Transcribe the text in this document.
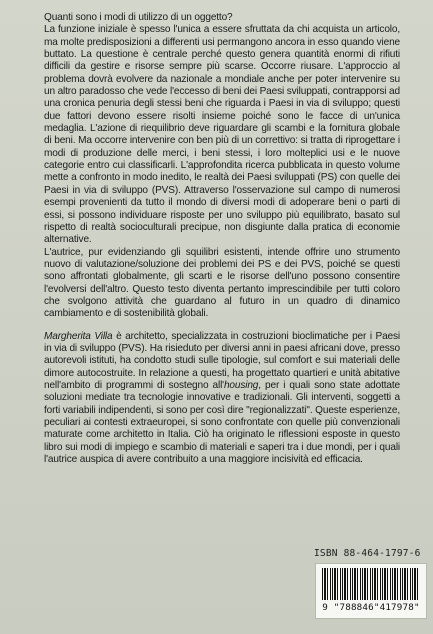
Quanti sono i modi di utilizzo di un oggetto?

La funzione iniziale è spesso l'unica a essere sfruttata da chi acquista un articolo, ma molte predisposizioni a differenti usi permangono ancora in esso quando viene buttato. La questione è centrale perché questo genera quantità enormi di rifiuti difficili da gestire e risorse sempre più scarse. Occorre riusare. L'approccio al problema dovrà evolvere da nazionale a mondiale anche per poter intervenire su un altro paradosso che vede l'eccesso di beni dei Paesi sviluppati, contrapporsi ad una cronica penuria degli stessi beni che riguarda i Paesi in via di sviluppo; questi due fattori devono essere risolti insieme poiché sono le facce di un'unica medaglia. L'azione di riequilibrio deve riguardare gli scambi e la fornitura globale di beni. Ma occorre intervenire con ben più di un correttivo: si tratta di riprogettare i modi di produzione delle merci, i beni stessi, i loro molteplici usi e le nuove categorie entro cui classificarli. L'approfondita ricerca pubblicata in questo volume mette a confronto in modo inedito, le realtà dei Paesi sviluppati (PS) con quelle dei Paesi in via di sviluppo (PVS). Attraverso l'osservazione sul campo di numerosi esempi provenienti da tutto il mondo di diversi modi di adoperare beni o parti di essi, si possono individuare risposte per uno sviluppo più equilibrato, basato sul rispetto di realtà socioculturali precipue, non disgiunte dalla pratica di economie alternative.

L'autrice, pur evidenziando gli squilibri esistenti, intende offrire uno strumento nuovo di valutazione/soluzione dei problemi dei PS e dei PVS, poiché se questi sono affrontati globalmente, gli scarti e le risorse dell'uno possono consentire l'evolversi dell'altro. Questo testo diventa pertanto imprescindibile per tutti coloro che svolgono attività che guardano al futuro in un quadro di dinamico cambiamento e di sostenibilità globali.

Margherita Villa è architetto, specializzata in costruzioni bioclimatiche per i Paesi in via di sviluppo (PVS). Ha risieduto per diversi anni in paesi africani dove, presso autorevoli istituti, ha condotto studi sulle tipologie, sul comfort e sui materiali delle dimore autocostruite. In relazione a questi, ha progettato quartieri e unità abitative nell'ambito di programmi di sostegno all'housing, per i quali sono state adottate soluzioni mediate tra tecnologie innovative e tradizionali. Gli interventi, soggetti a forti variabili indipendenti, si sono per così dire "regionalizzati". Queste esperienze, peculiari ai contesti extraeuropei, si sono confrontate con quelle più convenzionali maturate come architetto in Italia. Ciò ha originato le riflessioni esposte in questo libro sui modi di impiego e scambio di materiali e saperi tra i due mondi, per i quali l'autrice auspica di avere contribuito a una maggiore incisività ed efficacia.

ISBN 88-464-1797-6
9 "788846"417978"
